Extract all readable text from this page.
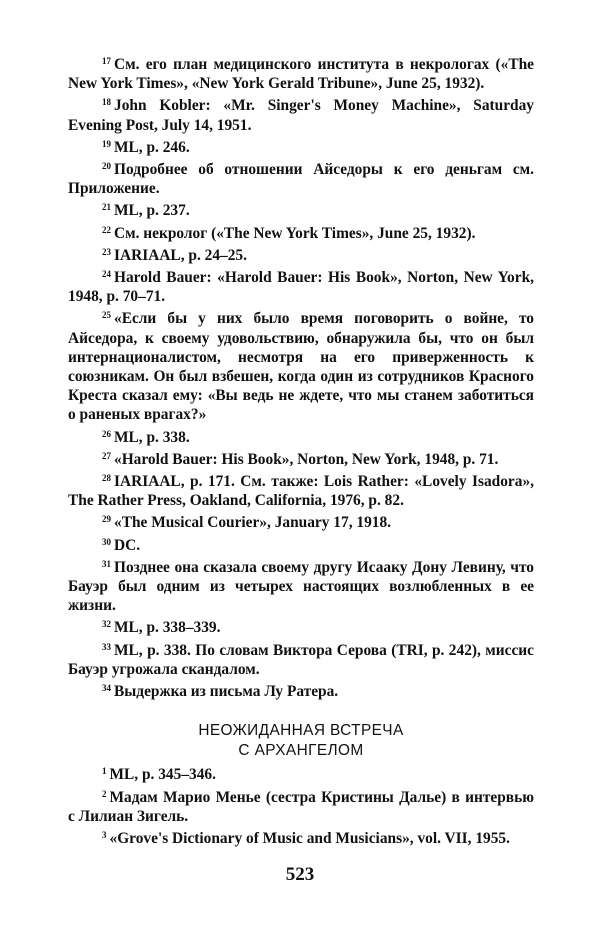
$^{17}$ См. его план медицинского института в некрологах («The New York Times», «New York Gerald Tribune», June 25, 1932).

$^{18}$ John Kobler: «Mr. Singer's Money Machine», Saturday Evening Post, July 14, 1951.

$^{19}$ ML, p. 246.

$^{20}$ Подробнее об отношении Айседоры к его деньгам см. Приложение.

$^{21}$ ML, p. 237.

$^{22}$ См. некролог («The New York Times», June 25, 1932).

$^{23}$ IARIAAL, p. 24–25.

$^{24}$ Harold Bauer: «Harold Bauer: His Book», Norton, New York, 1948, p. 70–71.

$^{25}$ «Если бы у них было время поговорить о войне, то Айседора, к своему удовольствию, обнаружила бы, что он был интернационалистом, несмотря на его приверженность к союзникам. Он был взбешен, когда один из сотрудников Красного Креста сказал ему: «Вы ведь не ждете, что мы станем заботиться о раненых врагах?»

$^{26}$ ML, p. 338.

$^{27}$ «Harold Bauer: His Book», Norton, New York, 1948, p. 71.

$^{28}$ IARIAAL, p. 171. См. также: Lois Rather: «Lovely Isadora», The Rather Press, Oakland, California, 1976, p. 82.

$^{29}$ «The Musical Courier», January 17, 1918.

$^{30}$ DC.

$^{31}$ Позднее она сказала своему другу Исааку Дону Левину, что Бауэр был одним из четырех настоящих возлюбленных в ее жизни.

$^{32}$ ML, p. 338–339.

$^{33}$ ML, p. 338. По словам Виктора Серова (TRI, p. 242), миссис Бауэр угрожала скандалом.

$^{34}$ Выдержка из письма Лу Ратера.

НЕОЖИДАННАЯ ВСТРЕЧА
С АРХАНГЕЛОМ

$^1$ ML, p. 345–346.

$^2$ Мадам Марио Менье (сестра Кристины Дальe) в интервью с Лилиан Зигель.

$^3$ «Grove's Dictionary of Music and Musicians», vol. VII, 1955.

523
